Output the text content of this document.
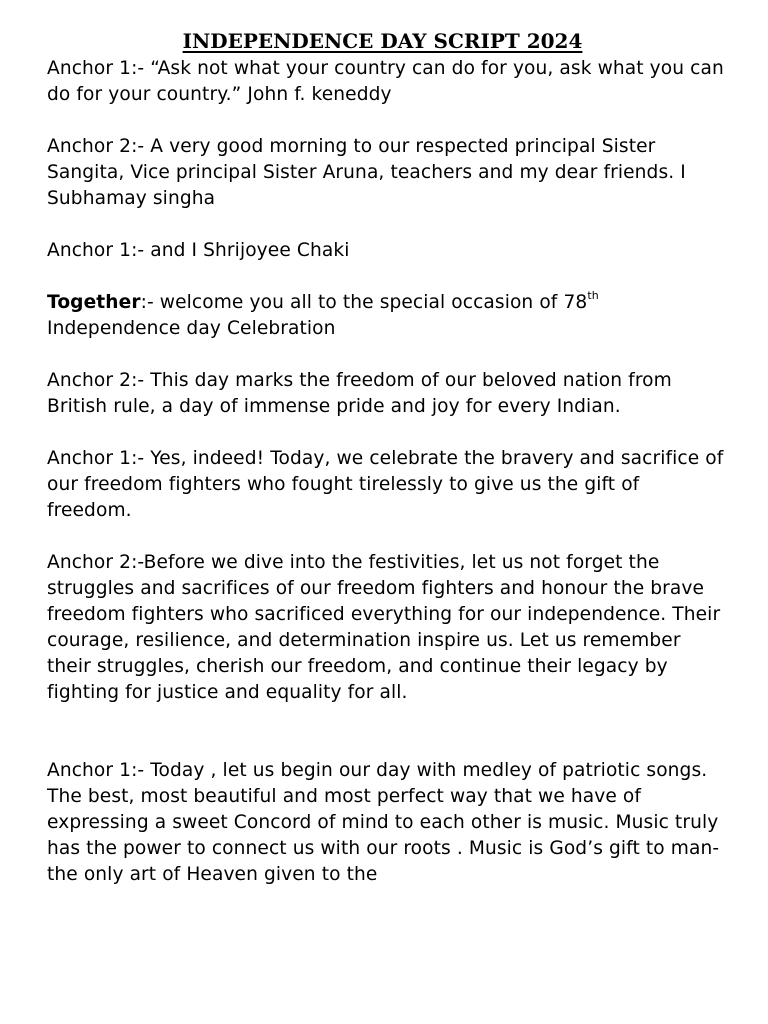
INDEPENDENCE DAY SCRIPT 2024

Anchor 1:- “Ask not what your country can do for you, ask what you can do for your country.” John f. keneddy

Anchor 2:- A very good morning to our respected principal Sister Sangita, Vice principal Sister Aruna, teachers and my dear friends. I Subhamay singha

Anchor 1:- and I Shrijoyee Chaki

Together:- welcome you all to the special occasion of 78th
Independence day Celebration

Anchor 2:- This day marks the freedom of our beloved nation from British rule, a day of immense pride and joy for every Indian.

Anchor 1:- Yes, indeed! Today, we celebrate the bravery and sacrifice of our freedom fighters who fought tirelessly to give us the gift of freedom.

Anchor 2:-Before we dive into the festivities, let us not forget the struggles and sacrifices of our freedom fighters and honour the brave freedom fighters who sacrificed everything for our independence. Their courage, resilience, and determination inspire us. Let us remember their struggles, cherish our freedom, and continue their legacy by fighting for justice and equality for all.

Anchor 1:- Today , let us begin our day with medley of patriotic songs. The best, most beautiful and most perfect way that we have of expressing a sweet Concord of mind to each other is music. Music truly has the power to connect us with our roots . Music is God’s gift to man- the only art of Heaven given to the
